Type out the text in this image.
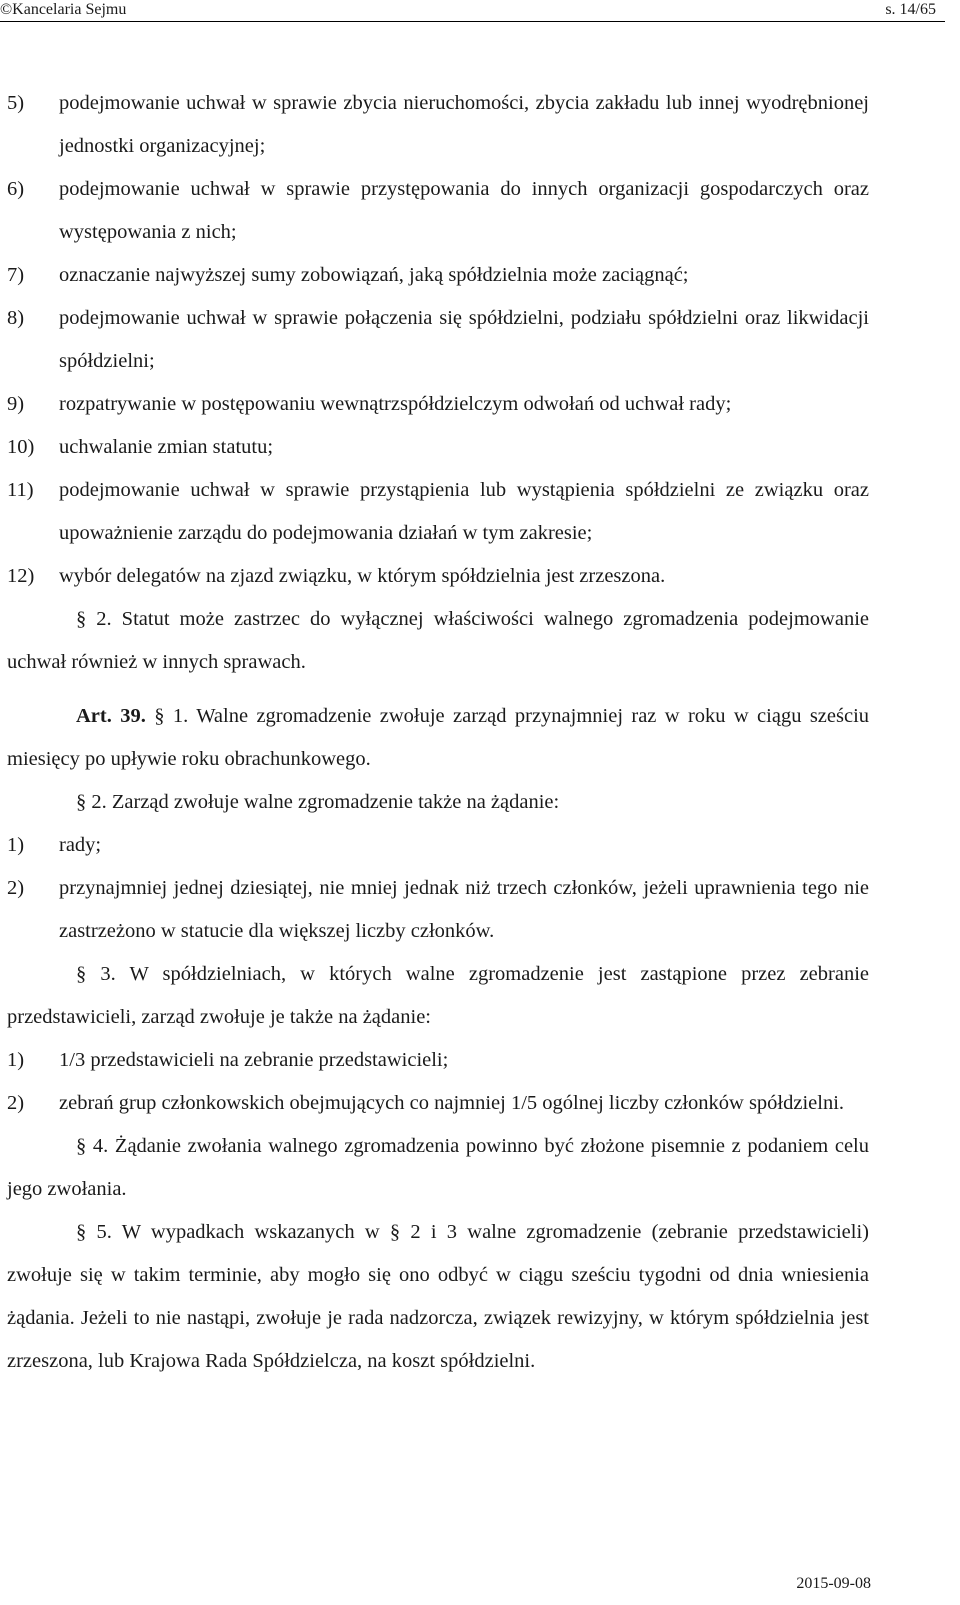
©Kancelaria Sejmu	s. 14/65
5) podejmowanie uchwał w sprawie zbycia nieruchomości, zbycia zakładu lub innej wyodrębnionej jednostki organizacyjnej;
6) podejmowanie uchwał w sprawie przystępowania do innych organizacji gospodarczych oraz występowania z nich;
7) oznaczanie najwyższej sumy zobowiązań, jaką spółdzielnia może zaciągnąć;
8) podejmowanie uchwał w sprawie połączenia się spółdzielni, podziału spółdzielni oraz likwidacji spółdzielni;
9) rozpatrywanie w postępowaniu wewnątrzspółdzielczym odwołań od uchwał rady;
10) uchwalanie zmian statutu;
11) podejmowanie uchwał w sprawie przystąpienia lub wystąpienia spółdzielni ze związku oraz upoważnienie zarządu do podejmowania działań w tym zakresie;
12) wybór delegatów na zjazd związku, w którym spółdzielnia jest zrzeszona.
§ 2. Statut może zastrzec do wyłącznej właściwości walnego zgromadzenia podejmowanie uchwał również w innych sprawach.
Art. 39. § 1. Walne zgromadzenie zwołuje zarząd przynajmniej raz w roku w ciągu sześciu miesięcy po upływie roku obrachunkowego.
§ 2. Zarząd zwołuje walne zgromadzenie także na żądanie:
1) rady;
2) przynajmniej jednej dziesiątej, nie mniej jednak niż trzech członków, jeżeli uprawnienia tego nie zastrzeżono w statucie dla większej liczby członków.
§ 3. W spółdzielniach, w których walne zgromadzenie jest zastąpione przez zebranie przedstawicieli, zarząd zwołuje je także na żądanie:
1) 1/3 przedstawicieli na zebranie przedstawicieli;
2) zebrań grup członkowskich obejmujących co najmniej 1/5 ogólnej liczby członków spółdzielni.
§ 4. Żądanie zwołania walnego zgromadzenia powinno być złożone pisemnie z podaniem celu jego zwołania.
§ 5. W wypadkach wskazanych w § 2 i 3 walne zgromadzenie (zebranie przedstawicieli) zwołuje się w takim terminie, aby mogło się ono odbyć w ciągu sześciu tygodni od dnia wniesienia żądania. Jeżeli to nie nastąpi, zwołuje je rada nadzorcza, związek rewizyjny, w którym spółdzielnia jest zrzeszona, lub Krajowa Rada Spółdzielcza, na koszt spółdzielni.
2015-09-08
